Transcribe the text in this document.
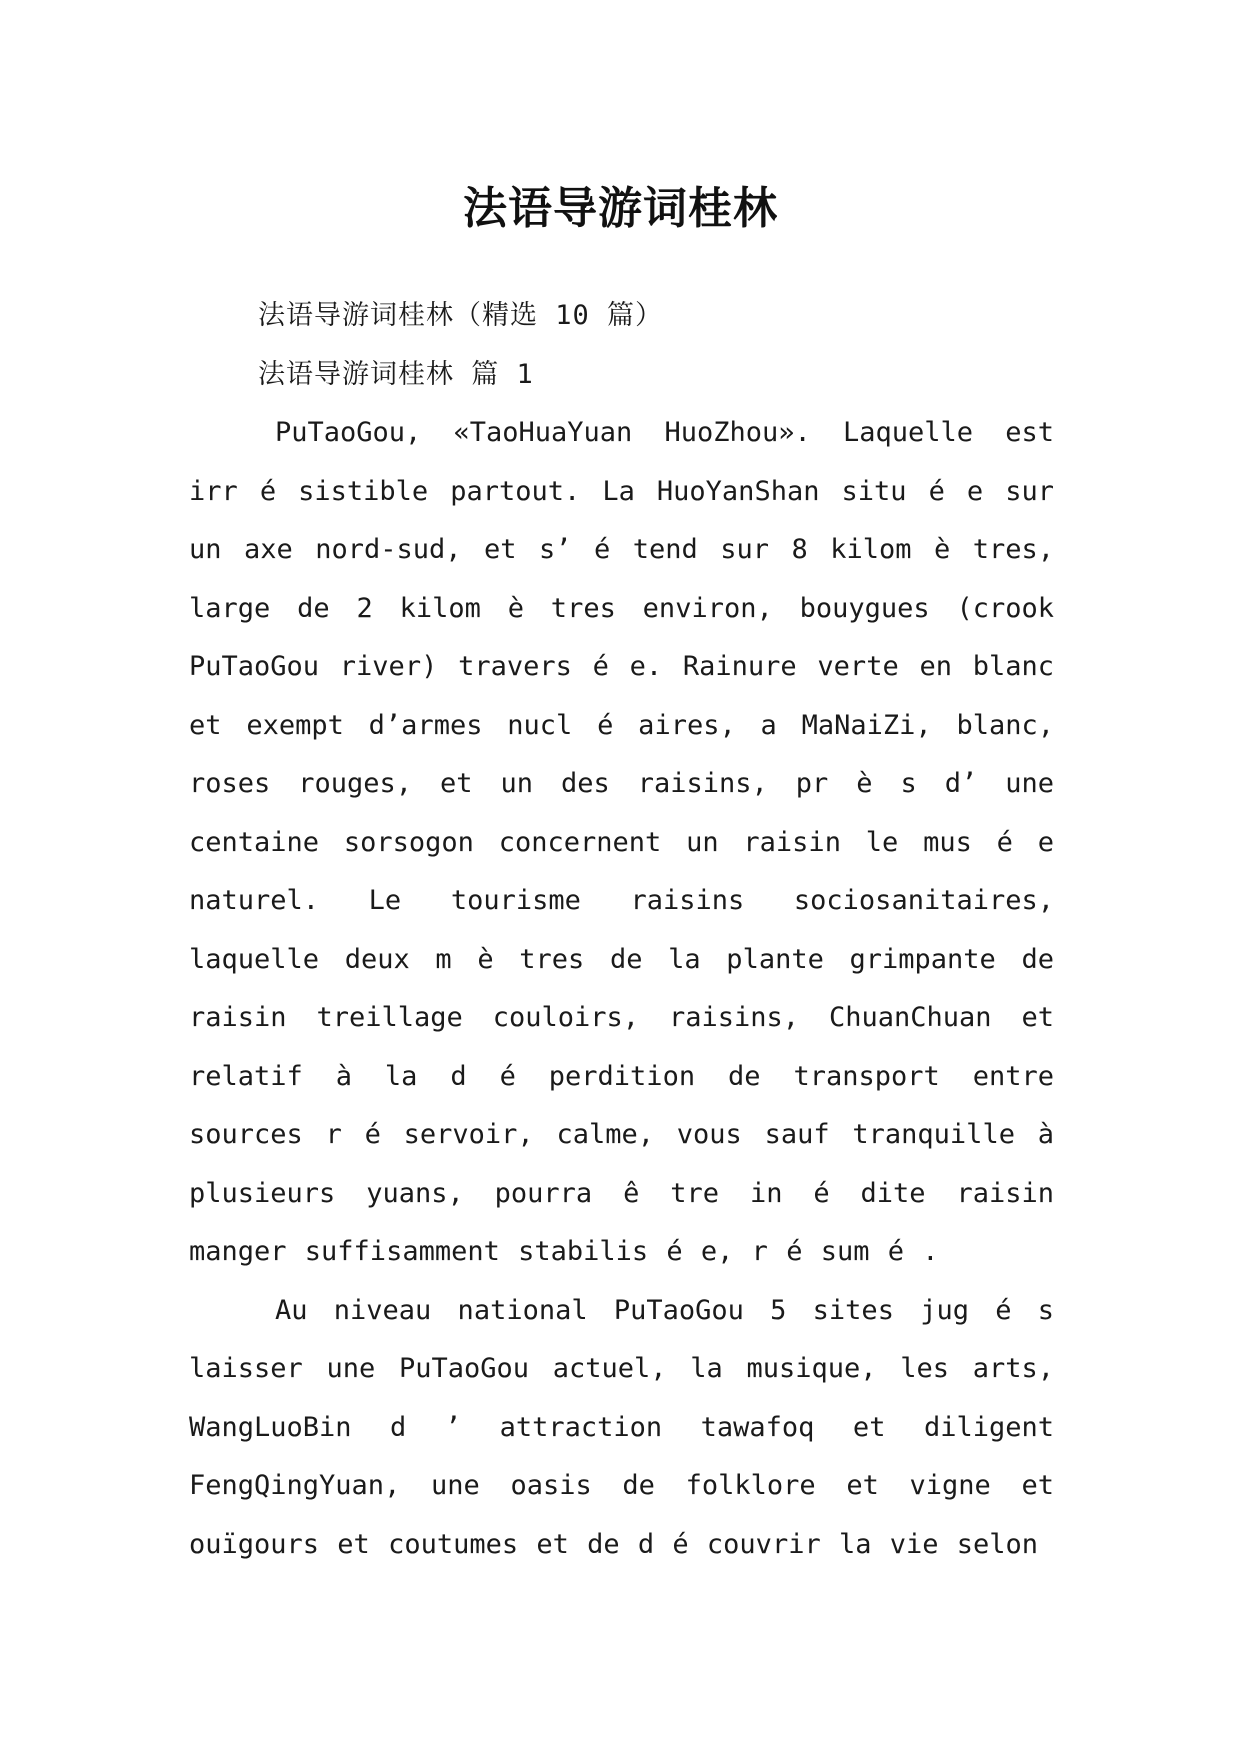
法语导游词桂林

法语导游词桂林（精选 10 篇）

法语导游词桂林 篇 1

PuTaoGou, «TaoHuaYuan HuoZhou». Laquelle est irr é sistible partout. La HuoYanShan situ é e sur un axe nord-sud, et s’ é tend sur 8 kilom è tres, large de 2 kilom è tres environ, bouygues (crook PuTaoGou river) travers é e. Rainure verte en blanc et exempt d’armes nucl é aires, a MaNaiZi, blanc, roses rouges, et un des raisins, pr è s d’ une centaine sorsogon concernent un raisin le mus é e naturel. Le tourisme raisins sociosanitaires, laquelle deux m è tres de la plante grimpante de raisin treillage couloirs, raisins, ChuanChuan et relatif à la d é perdition de transport entre sources r é servoir, calme, vous sauf tranquille à plusieurs yuans, pourra ê tre in é dite raisin manger suffisamment stabilis é e, r é sum é .

Au niveau national PuTaoGou 5 sites jug é s laisser une PuTaoGou actuel, la musique, les arts, WangLuoBin d ’ attraction tawafoq et diligent FengQingYuan, une oasis de folklore et vigne et ouïgours et coutumes et de d é couvrir la vie selon
